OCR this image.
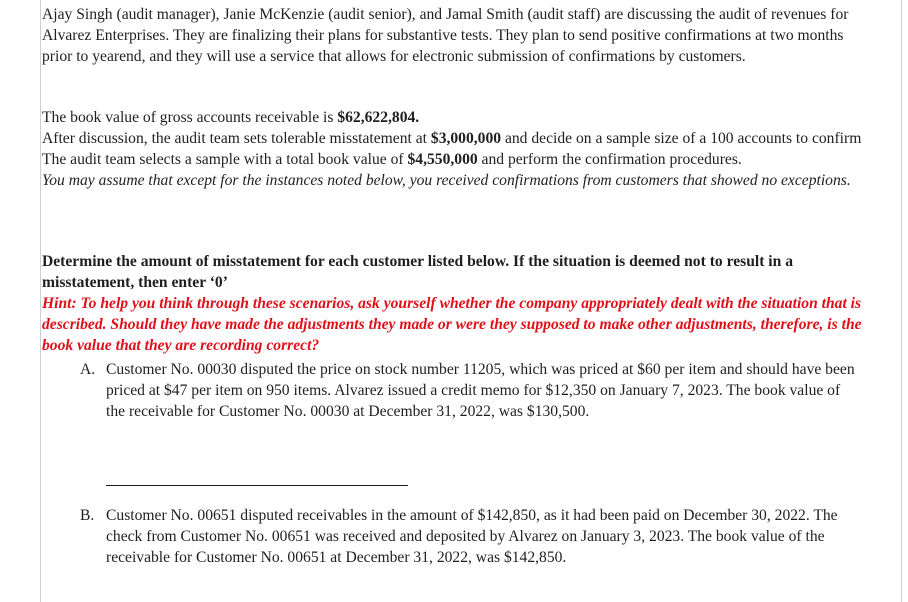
Ajay Singh (audit manager), Janie McKenzie (audit senior), and Jamal Smith (audit staff) are discussing the audit of revenues for Alvarez Enterprises. They are finalizing their plans for substantive tests. They plan to send positive confirmations at two months prior to yearend, and they will use a service that allows for electronic submission of confirmations by customers.

The book value of gross accounts receivable is $62,622,804.
After discussion, the audit team sets tolerable misstatement at $3,000,000 and decide on a sample size of a 100 accounts to confirm
The audit team selects a sample with a total book value of $4,550,000 and perform the confirmation procedures.
You may assume that except for the instances noted below, you received confirmations from customers that showed no exceptions.

Determine the amount of misstatement for each customer listed below. If the situation is deemed not to result in a misstatement, then enter ‘0’

Hint: To help you think through these scenarios, ask yourself whether the company appropriately dealt with the situation that is described. Should they have made the adjustments they made or were they supposed to make other adjustments, therefore, is the book value that they are recording correct?

A. Customer No. 00030 disputed the price on stock number 11205, which was priced at $60 per item and should have been priced at $47 per item on 950 items. Alvarez issued a credit memo for $12,350 on January 7, 2023. The book value of the receivable for Customer No. 00030 at December 31, 2022, was $130,500.
B. Customer No. 00651 disputed receivables in the amount of $142,850, as it had been paid on December 30, 2022. The check from Customer No. 00651 was received and deposited by Alvarez on January 3, 2023. The book value of the receivable for Customer No. 00651 at December 31, 2022, was $142,850.
